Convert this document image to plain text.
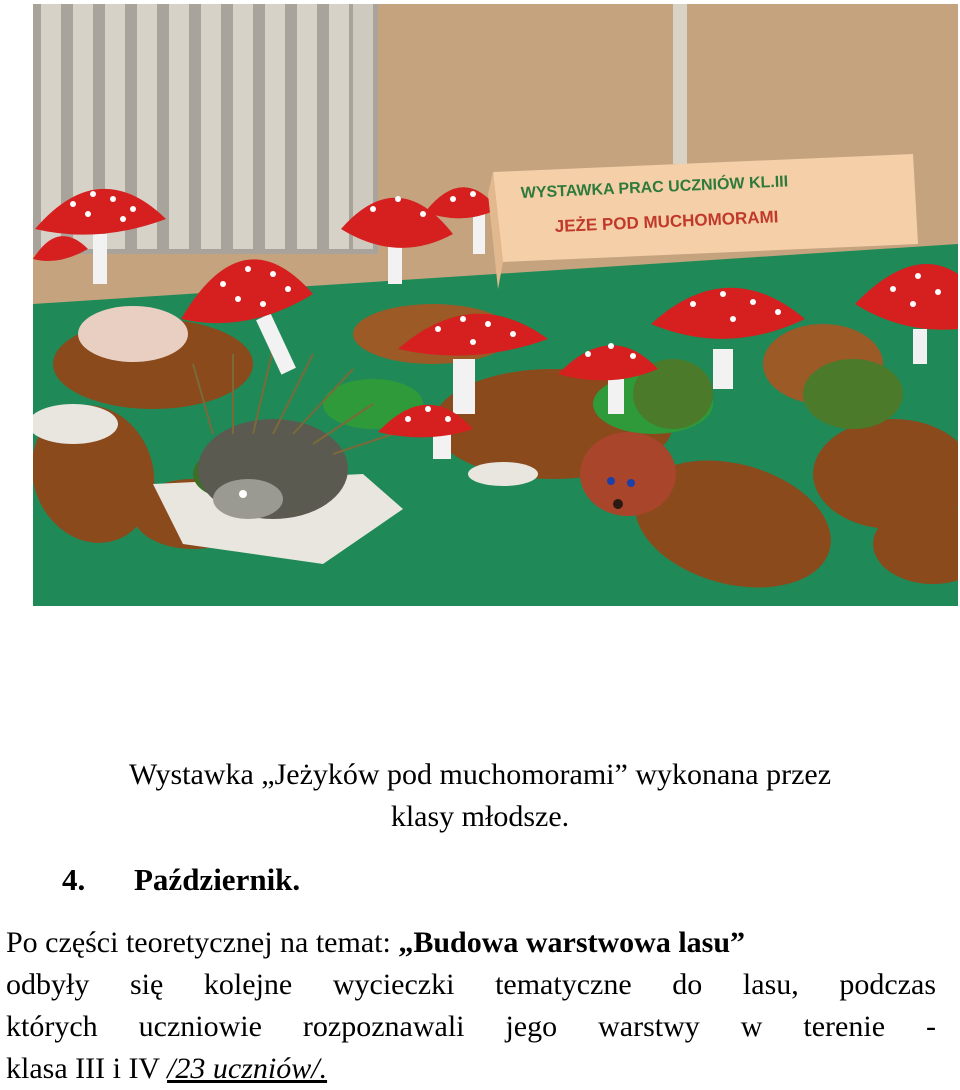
WYSTAWKA PRAC UCZNIÓW KL.III
JEŻE POD MUCHOMORAMI
Wystawka „Jeżyków pod muchomorami” wykonana przez
klasy młodsze.
4. Październik.
Po części teoretycznej na temat: „Budowa warstwowa lasu”
odbyły się kolejne wycieczki tematyczne do lasu, podczas
których uczniowie rozpoznawali jego warstwy w terenie -
klasa III i IV /23 uczniów/.
